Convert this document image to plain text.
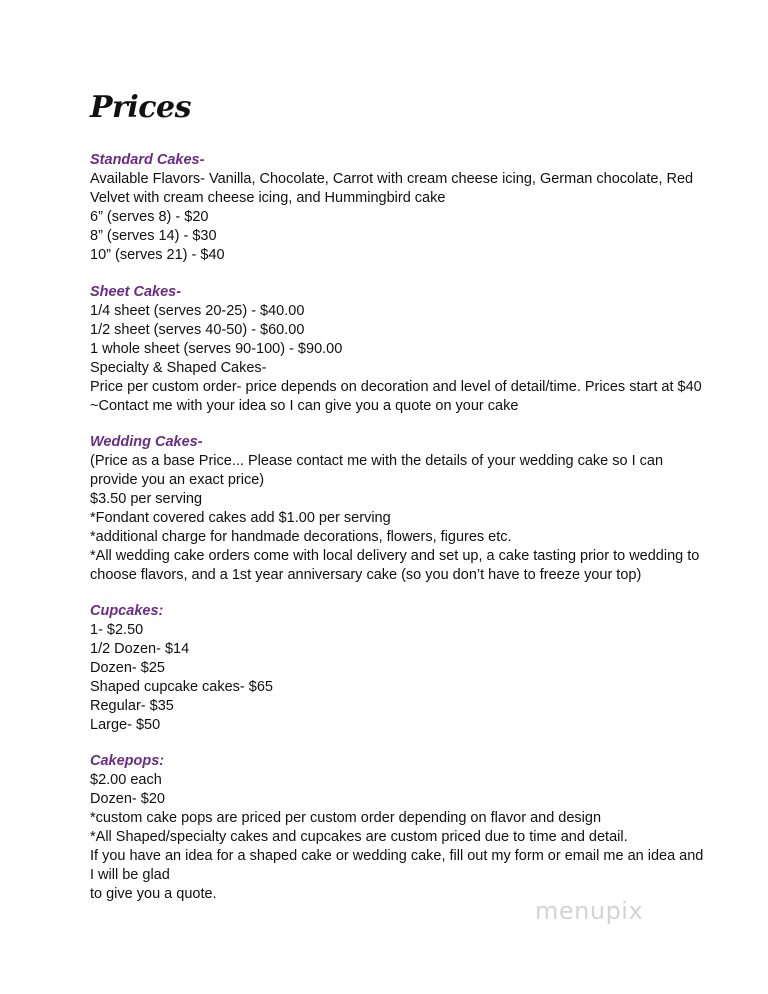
Prices
Standard Cakes-
Available Flavors- Vanilla, Chocolate, Carrot with cream cheese icing, German chocolate, Red
Velvet with cream cheese icing, and Hummingbird cake
6” (serves 8) - $20
8” (serves 14) - $30
10” (serves 21) - $40
Sheet Cakes-
1/4 sheet (serves 20-25) - $40.00
1/2 sheet (serves 40-50) - $60.00
1 whole sheet (serves 90-100) - $90.00
Specialty & Shaped Cakes-
Price per custom order- price depends on decoration and level of detail/time. Prices start at $40
~Contact me with your idea so I can give you a quote on your cake
Wedding Cakes-
(Price as a base Price... Please contact me with the details of your wedding cake so I can
provide you an exact price)
$3.50 per serving
*Fondant covered cakes add $1.00 per serving
*additional charge for handmade decorations, flowers, figures etc.
*All wedding cake orders come with local delivery and set up, a cake tasting prior to wedding to
choose flavors, and a 1st year anniversary cake (so you don’t have to freeze your top)
Cupcakes:
1- $2.50
1/2 Dozen- $14
Dozen- $25
Shaped cupcake cakes- $65
Regular- $35
Large- $50
Cakepops:
$2.00 each
Dozen- $20
*custom cake pops are priced per custom order depending on flavor and design
*All Shaped/specialty cakes and cupcakes are custom priced due to time and detail.
If you have an idea for a shaped cake or wedding cake, fill out my form or email me an idea and
I will be glad
to give you a quote.
menupix
